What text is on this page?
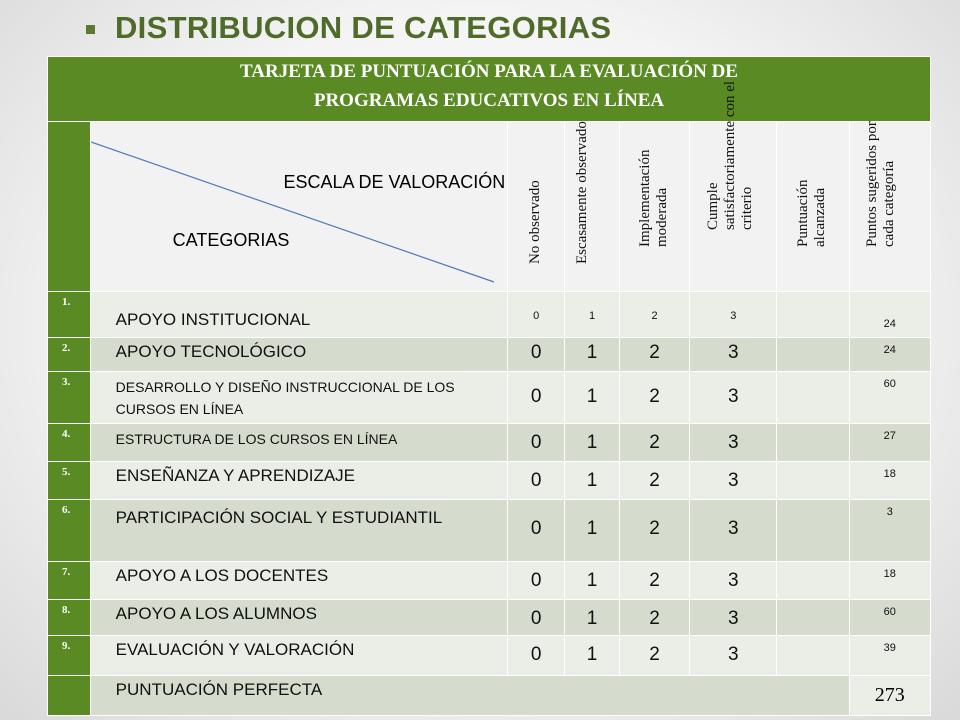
DISTRIBUCION DE CATEGORIAS
TARJETA DE PUNTUACIÓN PARA LA EVALUACIÓN DE
PROGRAMAS EDUCATIVOS EN LÍNEA							

	ESCALA DE VALORACIÓN
CATEGORIAS	No observado	Escasamente observado	Implementación moderada	Cumple satisfactoriamente con el criterio	Puntuación alcanzada	Puntos sugeridos por cada categoría

1.	APOYO INSTITUCIONAL	0	1	2	3		24
2.	APOYO TECNOLÓGICO	0	1	2	3		24
3.	DESARROLLO Y DISEÑO INSTRUCCIONAL DE LOS CURSOS EN LÍNEA	0	1	2	3		60
4.	ESTRUCTURA DE LOS CURSOS EN LÍNEA	0	1	2	3		27
5.	ENSEÑANZA Y APRENDIZAJE	0	1	2	3		18
6.	PARTICIPACIÓN SOCIAL Y ESTUDIANTIL	0	1	2	3		3
7.	APOYO A LOS DOCENTES	0	1	2	3		18
8.	APOYO A LOS ALUMNOS	0	1	2	3		60
9.	EVALUACIÓN Y VALORACIÓN	0	1	2	3		39
	PUNTUACIÓN PERFECTA						273
